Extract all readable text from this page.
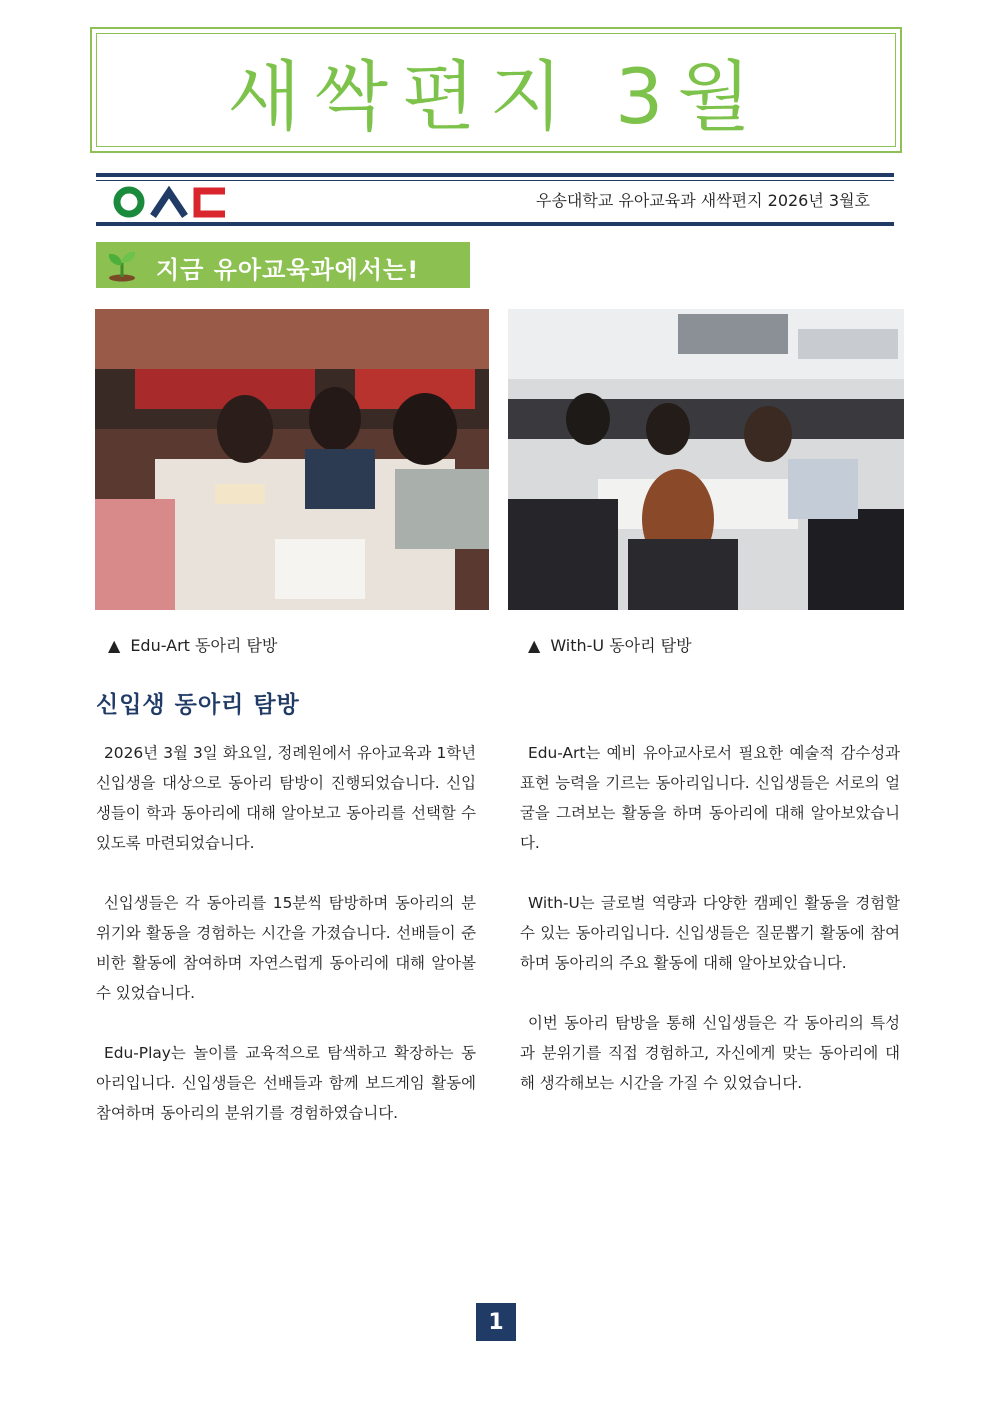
새싹편지 3월
우송대학교 유아교육과 새싹편지 2026년 3월호
지금 유아교육과에서는!
▲ Edu-Art 동아리 탐방	▲ With-U 동아리 탐방
신입생 동아리 탐방

2026년 3월 3일 화요일, 정례원에서 유아교육과 1학년 신입생을 대상으로 동아리 탐방이 진행되었습니다. 신입생들이 학과 동아리에 대해 알아보고 동아리를 선택할 수 있도록 마련되었습니다.

신입생들은 각 동아리를 15분씩 탐방하며 동아리의 분위기와 활동을 경험하는 시간을 가졌습니다. 선배들이 준비한 활동에 참여하며 자연스럽게 동아리에 대해 알아볼 수 있었습니다.

Edu-Play는 놀이를 교육적으로 탐색하고 확장하는 동아리입니다. 신입생들은 선배들과 함께 보드게임 활동에 참여하며 동아리의 분위기를 경험하였습니다.

Edu-Art는 예비 유아교사로서 필요한 예술적 감수성과 표현 능력을 기르는 동아리입니다. 신입생들은 서로의 얼굴을 그려보는 활동을 하며 동아리에 대해 알아보았습니다.

With-U는 글로벌 역량과 다양한 캠페인 활동을 경험할 수 있는 동아리입니다. 신입생들은 질문뽑기 활동에 참여하며 동아리의 주요 활동에 대해 알아보았습니다.

이번 동아리 탐방을 통해 신입생들은 각 동아리의 특성과 분위기를 직접 경험하고, 자신에게 맞는 동아리에 대해 생각해보는 시간을 가질 수 있었습니다.

1
